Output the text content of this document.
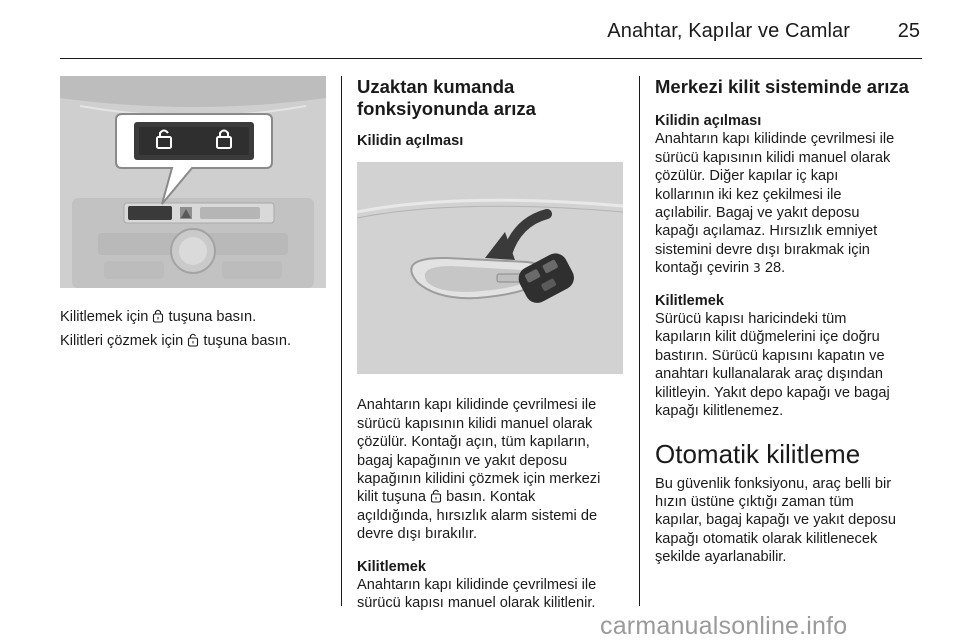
Anahtar, Kapılar ve Camlar 25

Kilitlemek için tuşuna basın.

Kilitleri çözmek için tuşuna basın.

Uzaktan kumanda
fonksiyonunda arıza

Kilidin açılması

Anahtarın kapı kilidinde çevrilmesi ile
sürücü kapısının kilidi manuel olarak
çözülür. Kontağı açın, tüm kapıların,
bagaj kapağının ve yakıt deposu
kapağının kilidini çözmek için merkezi
kilit tuşuna basın. Kontak
açıldığında, hırsızlık alarm sistemi de
devre dışı bırakılır.

Kilitlemek

Anahtarın kapı kilidinde çevrilmesi ile
sürücü kapısı manuel olarak kilitlenir.

Merkezi kilit sisteminde arıza

Kilidin açılması

Anahtarın kapı kilidinde çevrilmesi ile
sürücü kapısının kilidi manuel olarak
çözülür. Diğer kapılar iç kapı
kollarının iki kez çekilmesi ile
açılabilir. Bagaj ve yakıt deposu
kapağı açılamaz. Hırsızlık emniyet
sistemini devre dışı bırakmak için
kontağı çevirin 3 28.

Kilitlemek

Sürücü kapısı haricindeki tüm
kapıların kilit düğmelerini içe doğru
bastırın. Sürücü kapısını kapatın ve
anahtarı kullanalarak araç dışından
kilitleyin. Yakıt depo kapağı ve bagaj
kapağı kilitlenemez.

Otomatik kilitleme

Bu güvenlik fonksiyonu, araç belli bir
hızın üstüne çıktığı zaman tüm
kapılar, bagaj kapağı ve yakıt deposu
kapağı otomatik olarak kilitlenecek
şekilde ayarlanabilir.

carmanualsonline.info
